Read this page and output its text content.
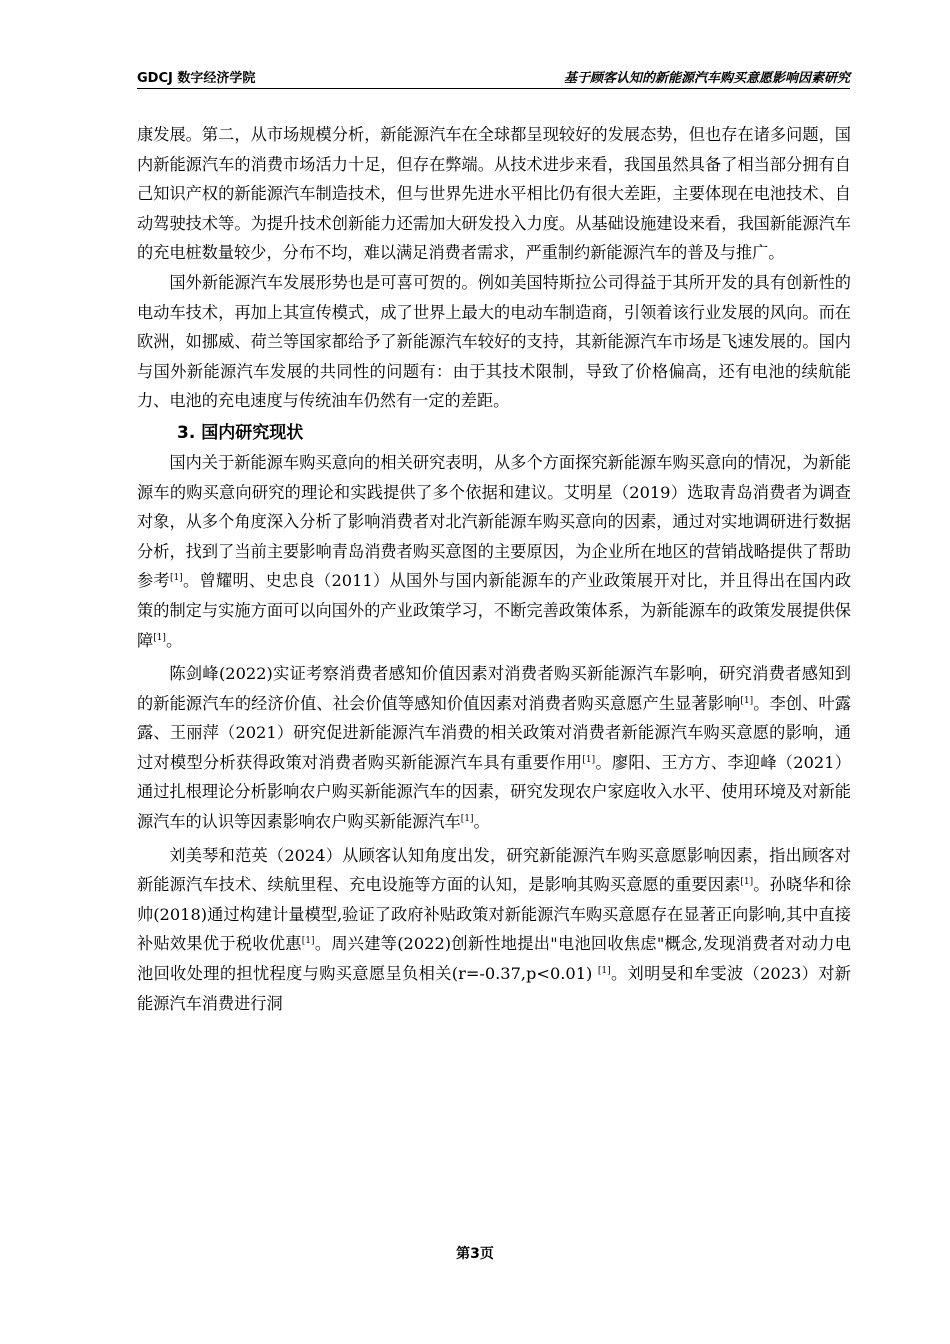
GDCJ 数字经济学院	基于顾客认知的新能源汽车购买意愿影响因素研究

康发展。第二，从市场规模分析，新能源汽车在全球都呈现较好的发展态势，但也存在诸多问题，国内新能源汽车的消费市场活力十足，但存在弊端。从技术进步来看，我国虽然具备了相当部分拥有自己知识产权的新能源汽车制造技术，但与世界先进水平相比仍有很大差距，主要体现在电池技术、自动驾驶技术等。为提升技术创新能力还需加大研发投入力度。从基础设施建设来看，我国新能源汽车的充电桩数量较少，分布不均，难以满足消费者需求，严重制约新能源汽车的普及与推广。

国外新能源汽车发展形势也是可喜可贺的。例如美国特斯拉公司得益于其所开发的具有创新性的电动车技术，再加上其宣传模式，成了世界上最大的电动车制造商，引领着该行业发展的风向。而在欧洲，如挪威、荷兰等国家都给予了新能源汽车较好的支持，其新能源汽车市场是飞速发展的。国内与国外新能源汽车发展的共同性的问题有：由于其技术限制，导致了价格偏高，还有电池的续航能力、电池的充电速度与传统油车仍然有一定的差距。

3. 国内研究现状

国内关于新能源车购买意向的相关研究表明，从多个方面探究新能源车购买意向的情况，为新能源车的购买意向研究的理论和实践提供了多个依据和建议。艾明星（2019）选取青岛消费者为调查对象，从多个角度深入分析了影响消费者对北汽新能源车购买意向的因素，通过对实地调研进行数据分析，找到了当前主要影响青岛消费者购买意图的主要原因，为企业所在地区的营销战略提供了帮助参考[1]。曾耀明、史忠良（2011）从国外与国内新能源车的产业政策展开对比，并且得出在国内政策的制定与实施方面可以向国外的产业政策学习，不断完善政策体系，为新能源车的政策发展提供保障[1]。

陈剑峰(2022)实证考察消费者感知价值因素对消费者购买新能源汽车影响，研究消费者感知到的新能源汽车的经济价值、社会价值等感知价值因素对消费者购买意愿产生显著影响[1]。李创、叶露露、王丽萍（2021）研究促进新能源汽车消费的相关政策对消费者新能源汽车购买意愿的影响，通过对模型分析获得政策对消费者购买新能源汽车具有重要作用[1]。廖阳、王方方、李迎峰（2021）通过扎根理论分析影响农户购买新能源汽车的因素，研究发现农户家庭收入水平、使用环境及对新能源汽车的认识等因素影响农户购买新能源汽车[1]。

刘美琴和范英（2024）从顾客认知角度出发，研究新能源汽车购买意愿影响因素，指出顾客对新能源汽车技术、续航里程、充电设施等方面的认知，是影响其购买意愿的重要因素[1]。孙晓华和徐帅(2018)通过构建计量模型,验证了政府补贴政策对新能源汽车购买意愿存在显著正向影响,其中直接补贴效果优于税收优惠[1]。周兴建等(2022)创新性地提出"电池回收焦虑"概念,发现消费者对动力电池回收处理的担忧程度与购买意愿呈负相关(r=-0.37,p<0.01) [1]。刘明旻和牟雯波（2023）对新能源汽车消费进行洞

第3页
